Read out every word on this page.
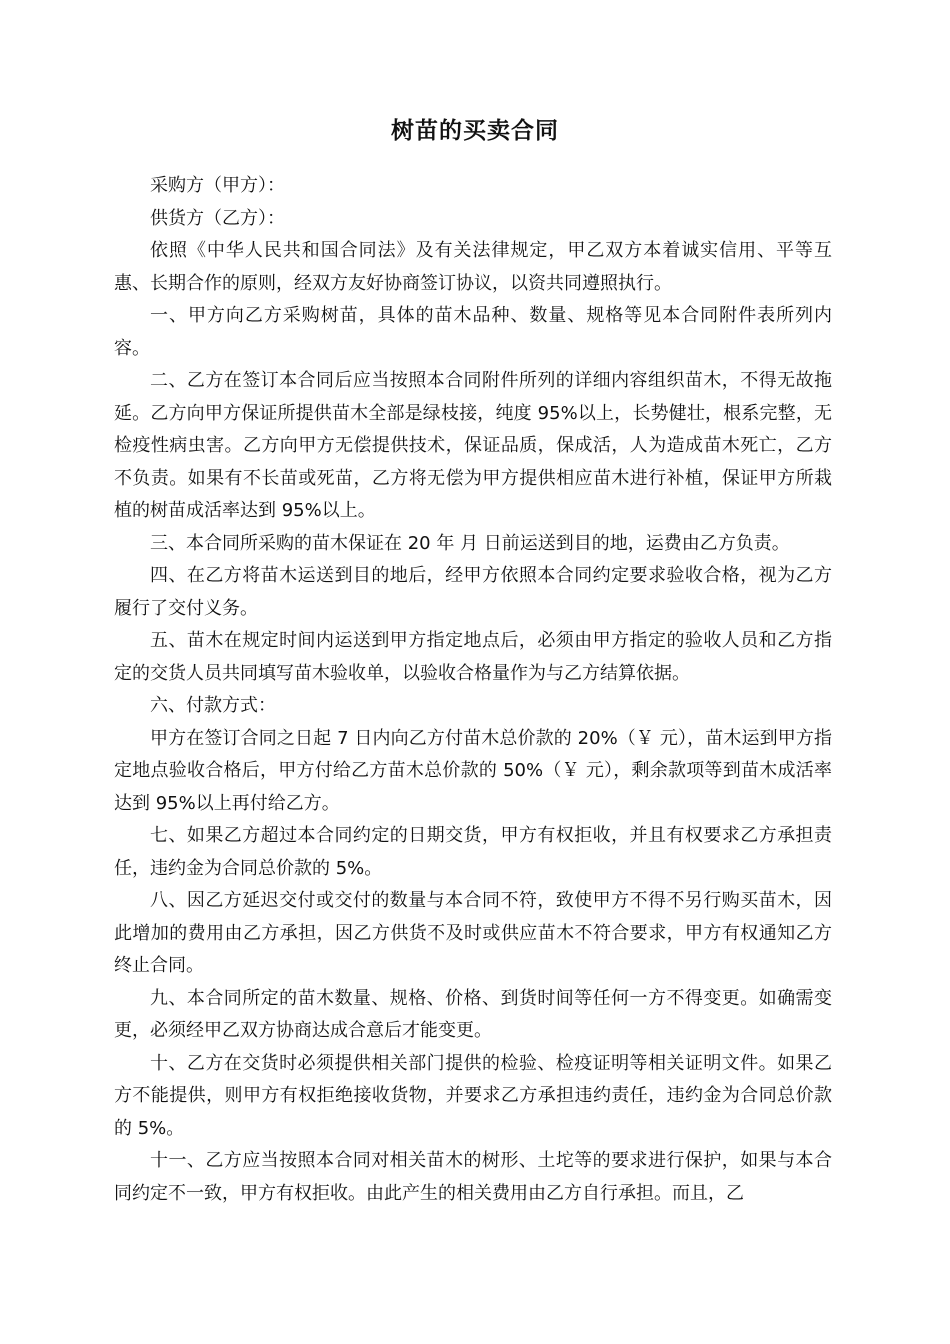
树苗的买卖合同

采购方（甲方）：

供货方（乙方）：

依照《中华人民共和国合同法》及有关法律规定，甲乙双方本着诚实信用、平等互惠、长期合作的原则，经双方友好协商签订协议，以资共同遵照执行。

一、甲方向乙方采购树苗，具体的苗木品种、数量、规格等见本合同附件表所列内容。

二、乙方在签订本合同后应当按照本合同附件所列的详细内容组织苗木，不得无故拖延。乙方向甲方保证所提供苗木全部是绿枝接，纯度 95%以上，长势健壮，根系完整，无检疫性病虫害。乙方向甲方无偿提供技术，保证品质，保成活，人为造成苗木死亡，乙方不负责。如果有不长苗或死苗，乙方将无偿为甲方提供相应苗木进行补植，保证甲方所栽植的树苗成活率达到 95%以上。

三、本合同所采购的苗木保证在 20 年 月 日前运送到目的地，运费由乙方负责。

四、在乙方将苗木运送到目的地后，经甲方依照本合同约定要求验收合格，视为乙方履行了交付义务。

五、苗木在规定时间内运送到甲方指定地点后，必须由甲方指定的验收人员和乙方指定的交货人员共同填写苗木验收单，以验收合格量作为与乙方结算依据。

六、付款方式：

甲方在签订合同之日起 7 日内向乙方付苗木总价款的 20%（￥ 元），苗木运到甲方指定地点验收合格后，甲方付给乙方苗木总价款的 50%（￥ 元），剩余款项等到苗木成活率达到 95%以上再付给乙方。

七、如果乙方超过本合同约定的日期交货，甲方有权拒收，并且有权要求乙方承担责任，违约金为合同总价款的 5%。

八、因乙方延迟交付或交付的数量与本合同不符，致使甲方不得不另行购买苗木，因此增加的费用由乙方承担，因乙方供货不及时或供应苗木不符合要求，甲方有权通知乙方终止合同。

九、本合同所定的苗木数量、规格、价格、到货时间等任何一方不得变更。如确需变更，必须经甲乙双方协商达成合意后才能变更。

十、乙方在交货时必须提供相关部门提供的检验、检疫证明等相关证明文件。如果乙方不能提供，则甲方有权拒绝接收货物，并要求乙方承担违约责任，违约金为合同总价款的 5%。

十一、乙方应当按照本合同对相关苗木的树形、土坨等的要求进行保护，如果与本合同约定不一致，甲方有权拒收。由此产生的相关费用由乙方自行承担。而且，乙
